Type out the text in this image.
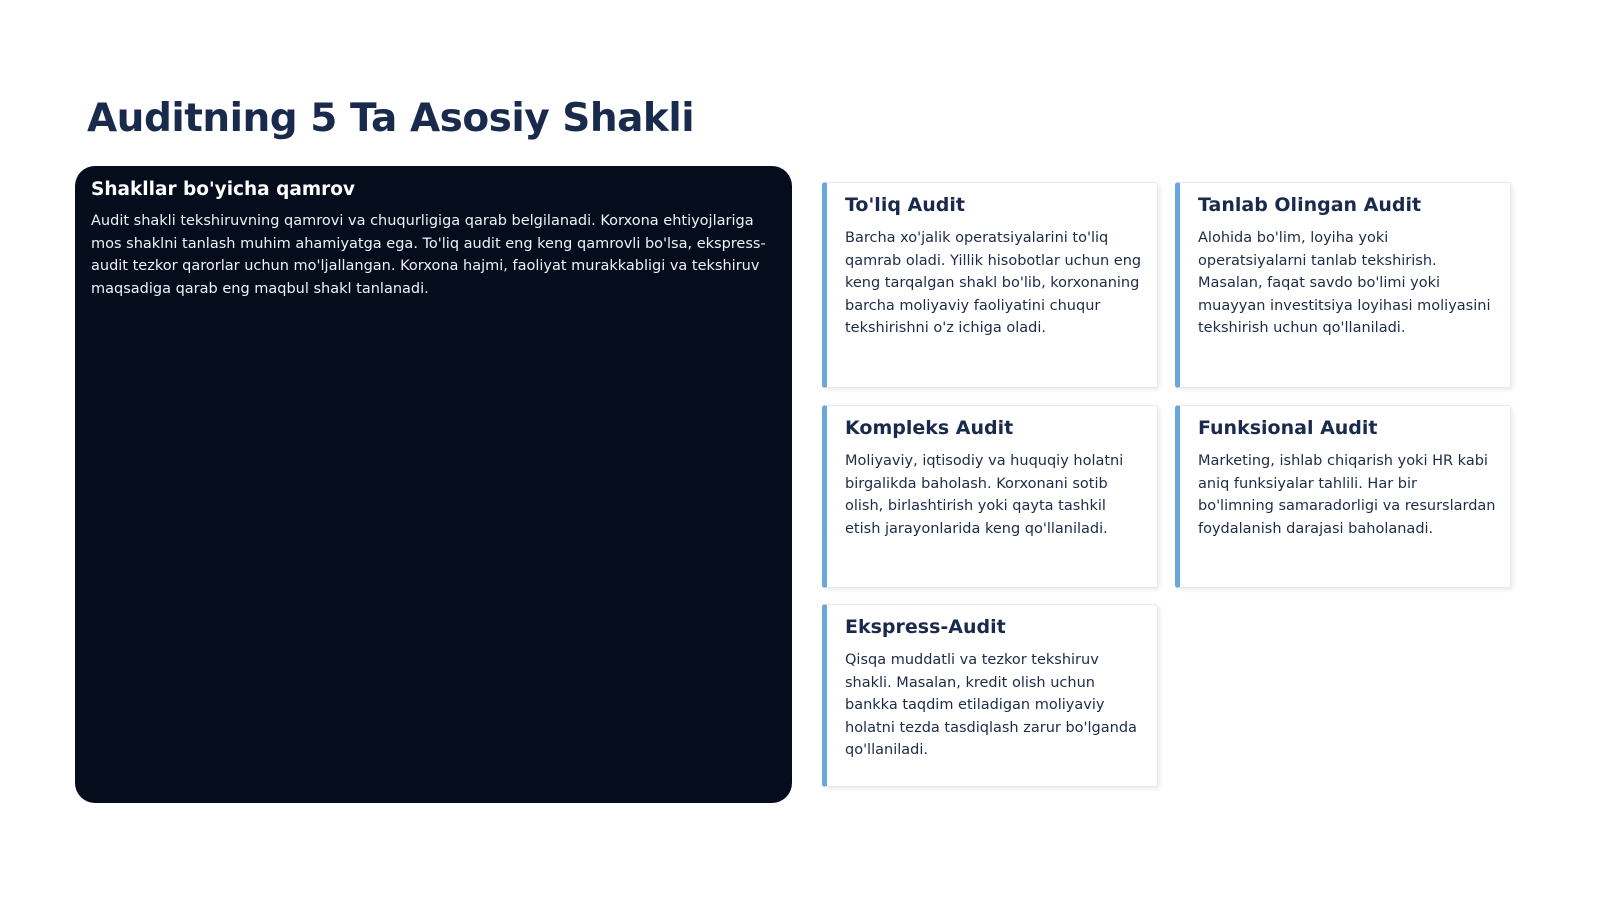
Auditning 5 Ta Asosiy Shakli
Shakllar bo'yicha qamrov

Audit shakli tekshiruvning qamrovi va chuqurligiga qarab belgilanadi. Korxona ehtiyojlariga mos shaklni tanlash muhim ahamiyatga ega. To'liq audit eng keng qamrovli bo'lsa, ekspress-audit tezkor qarorlar uchun mo'ljallangan. Korxona hajmi, faoliyat murakkabligi va tekshiruv maqsadiga qarab eng maqbul shakl tanlanadi.

To'liq Audit

Barcha xo'jalik operatsiyalarini to'liq qamrab oladi. Yillik hisobotlar uchun eng keng tarqalgan shakl bo'lib, korxonaning barcha moliyaviy faoliyatini chuqur tekshirishni o'z ichiga oladi.

Tanlab Olingan Audit

Alohida bo'lim, loyiha yoki operatsiyalarni tanlab tekshirish. Masalan, faqat savdo bo'limi yoki muayyan investitsiya loyihasi moliyasini tekshirish uchun qo'llaniladi.

Kompleks Audit

Moliyaviy, iqtisodiy va huquqiy holatni birgalikda baholash. Korxonani sotib olish, birlashtirish yoki qayta tashkil etish jarayonlarida keng qo'llaniladi.

Funksional Audit

Marketing, ishlab chiqarish yoki HR kabi aniq funksiyalar tahlili. Har bir bo'limning samaradorligi va resurslardan foydalanish darajasi baholanadi.

Ekspress-Audit

Qisqa muddatli va tezkor tekshiruv shakli. Masalan, kredit olish uchun bankka taqdim etiladigan moliyaviy holatni tezda tasdiqlash zarur bo'lganda qo'llaniladi.
